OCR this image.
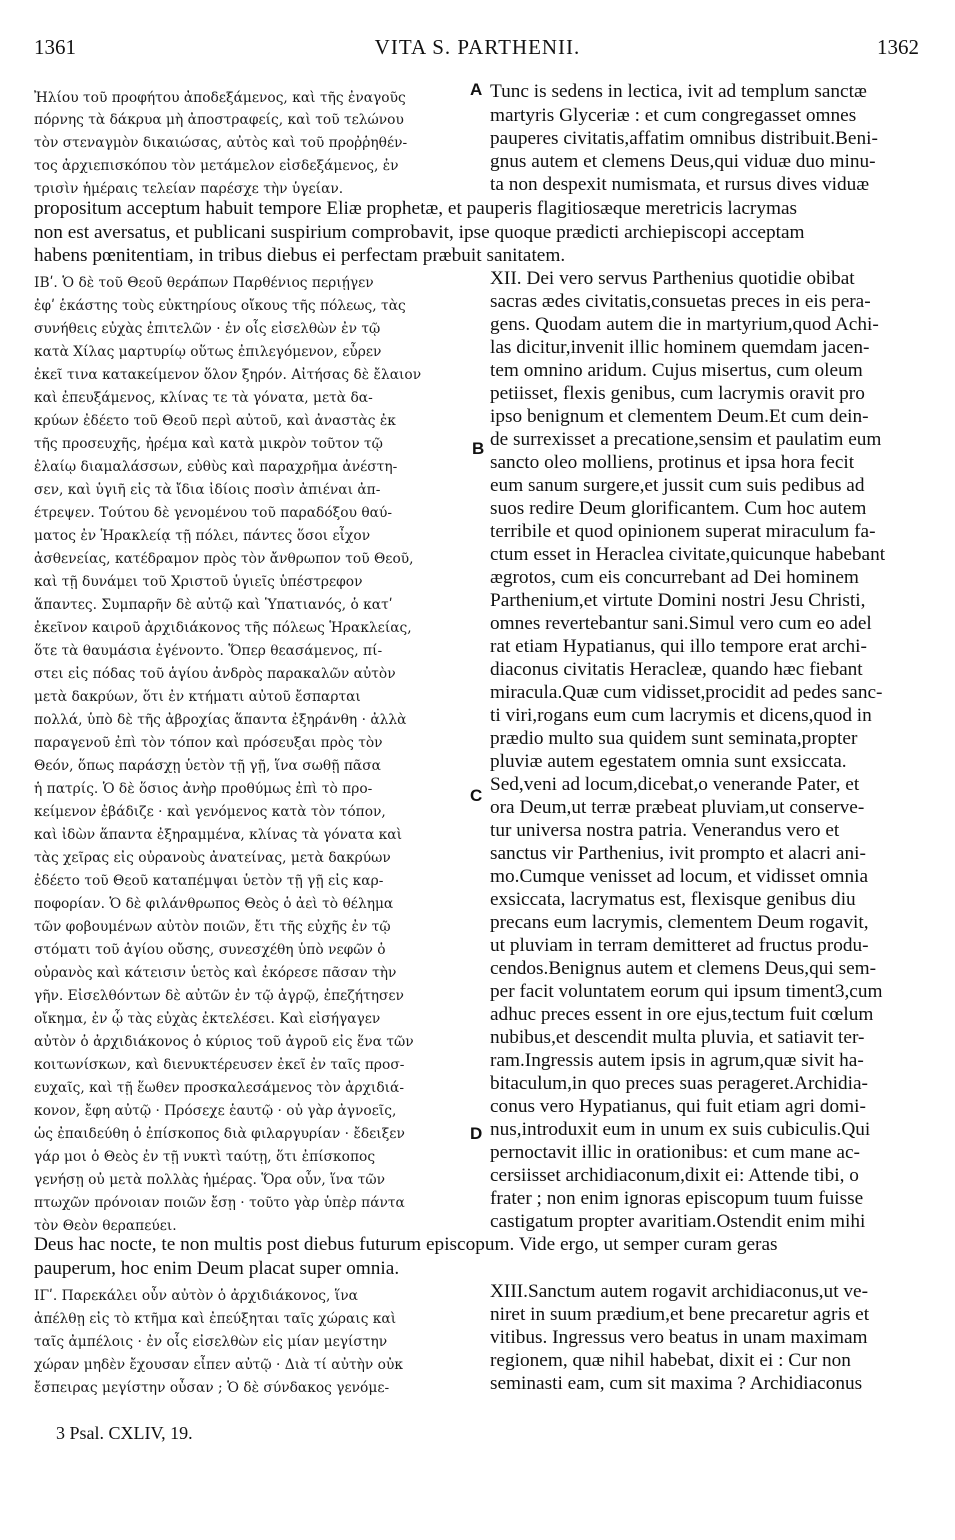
1361	VITA S. PARTHENII.	1362
A
B
C
D
Ἠλίου τοῦ προφήτου ἀποδεξάμενος, καὶ τῆς ἐναγοῦς	Tunc is sedens in lectica, ivit ad templum sanctæ
πόρνης τὰ δάκρυα μὴ ἀποστραφείς, καὶ τοῦ τελώνου	martyris Glyceriæ : et cum congregasset omnes
τὸν στεναγμὸν δικαιώσας, αὐτὸς καὶ τοῦ προῤῥηθέν-	pauperes civitatis,affatim omnibus distribuit.Beni-
τος ἀρχιεπισκόπου τὸν μετάμελον εἰσδεξάμενος, ἐν	gnus autem et clemens Deus,qui viduæ duo minu-
τρισὶν ἡμέραις τελείαν παρέσχε τὴν ὑγείαν.	ta non despexit numismata, et rursus dives viduæ
propositum acceptum habuit tempore Eliæ prophetæ, et pauperis flagitiosæque meretricis lacrymas
non est aversatus, et publicani suspirium comprobavit, ipse quoque prædicti archiepiscopi acceptam
habens pœnitentiam, in tribus diebus ei perfectam præbuit sanitatem.
ΙΒʹ. Ὁ δὲ τοῦ Θεοῦ θεράπων Παρθένιος περιῄγεν	XII. Dei vero servus Parthenius quotidie obibat
ἐφʹ ἑκάστης τοὺς εὐκτηρίους οἴκους τῆς πόλεως, τὰς	sacras ædes civitatis,consuetas preces in eis pera-
συνήθεις εὐχὰς ἐπιτελῶν · ἐν οἷς εἰσελθὼν ἐν τῷ	gens. Quodam autem die in martyrium,quod Achi-
κατὰ Χίλας μαρτυρίῳ οὕτως ἐπιλεγόμενον, εὗρεν	las dicitur,invenit illic hominem quemdam jacen-
ἐκεῖ τινα κατακείμενον ὅλον ξηρόν. Αἰτήσας δὲ ἔλαιον	tem omnino aridum. Cujus misertus, cum oleum
καὶ ἐπευξάμενος, κλίνας τε τὰ γόνατα, μετὰ δα-	petiisset, flexis genibus, cum lacrymis oravit pro
κρύων ἐδέετο τοῦ Θεοῦ περὶ αὐτοῦ, καὶ ἀναστὰς ἐκ	ipso benignum et clementem Deum.Et cum dein-
τῆς προσευχῆς, ἠρέμα καὶ κατὰ μικρὸν τοῦτον τῷ	de surrexisset a precatione,sensim et paulatim eum
ἐλαίῳ διαμαλάσσων, εὐθὺς καὶ παραχρῆμα ἀνέστη-	sancto oleo molliens, protinus et ipsa hora fecit
σεν, καὶ ὑγιῆ εἰς τὰ ἴδια ἰδίοις ποσὶν ἀπιέναι ἀπ-	eum sanum surgere,et jussit cum suis pedibus ad
έτρεψεν. Τούτου δὲ γενομένου τοῦ παραδόξου θαύ-	suos redire Deum glorificantem. Cum hoc autem
ματος ἐν Ἡρακλείᾳ τῇ πόλει, πάντες ὅσοι εἶχον	terribile et quod opinionem superat miraculum fa-
ἀσθενείας, κατέδραμον πρὸς τὸν ἄνθρωπον τοῦ Θεοῦ,	ctum esset in Heraclea civitate,quicunque habebant
καὶ τῇ δυνάμει τοῦ Χριστοῦ ὑγιεῖς ὑπέστρεφον	ægrotos, cum eis concurrebant ad Dei hominem
ἅπαντες. Συμπαρῆν δὲ αὐτῷ καὶ Ὑπατιανός, ὁ κατʹ	Parthenium,et virtute Domini nostri Jesu Christi,
ἐκεῖνον καιροῦ ἀρχιδιάκονος τῆς πόλεως Ἡρακλείας,	omnes revertebantur sani.Simul vero cum eo adel
ὅτε τὰ θαυμάσια ἐγένοντο. Ὅπερ θεασάμενος, πί-	rat etiam Hypatianus, qui illo tempore erat archi-
στει εἰς πόδας τοῦ ἁγίου ἀνδρὸς παρακαλῶν αὐτὸν	diaconus civitatis Heracleæ, quando hæc fiebant
μετὰ δακρύων, ὅτι ἐν κτήματι αὐτοῦ ἔσπαρται	miracula.Quæ cum vidisset,procidit ad pedes sanc-
πολλά, ὑπὸ δὲ τῆς ἀβροχίας ἅπαντα ἐξηράνθη · ἀλλὰ	ti viri,rogans eum cum lacrymis et dicens,quod in
παραγενοῦ ἐπὶ τὸν τόπον καὶ πρόσευξαι πρὸς τὸν	prædio multo sua quidem sunt seminata,propter
Θεόν, ὅπως παράσχῃ ὑετὸν τῇ γῇ, ἵνα σωθῇ πᾶσα	pluviæ autem egestatem omnia sunt exsiccata.
ἡ πατρίς. Ὁ δὲ ὅσιος ἀνὴρ προθύμως ἐπὶ τὸ προ-	Sed,veni ad locum,dicebat,o venerande Pater, et
κείμενον ἐβάδιζε · καὶ γενόμενος κατὰ τὸν τόπον,	ora Deum,ut terræ præbeat pluviam,ut conserve-
καὶ ἰδὼν ἅπαντα ἐξηραμμένα, κλίνας τὰ γόνατα καὶ	tur universa nostra patria. Venerandus vero et
τὰς χεῖρας εἰς οὐρανοὺς ἀνατείνας, μετὰ δακρύων	sanctus vir Parthenius, ivit prompto et alacri ani-
ἐδέετο τοῦ Θεοῦ καταπέμψαι ὑετὸν τῇ γῇ εἰς καρ-	mo.Cumque venisset ad locum, et vidisset omnia
ποφορίαν. Ὁ δὲ φιλάνθρωπος Θεὸς ὁ ἀεὶ τὸ θέλημα	exsiccata, lacrymatus est, flexisque genibus diu
τῶν φοβουμένων αὐτὸν ποιῶν, ἔτι τῆς εὐχῆς ἐν τῷ	precans eum lacrymis, clementem Deum rogavit,
στόματι τοῦ ἁγίου οὔσης, συνεσχέθη ὑπὸ νεφῶν ὁ	ut pluviam in terram demitteret ad fructus produ-
οὐρανὸς καὶ κάτεισιν ὑετὸς καὶ ἐκόρεσε πᾶσαν τὴν	cendos.Benignus autem et clemens Deus,qui sem-
γῆν. Εἰσελθόντων δὲ αὐτῶν ἐν τῷ ἀγρῷ, ἐπεζήτησεν	per facit voluntatem eorum qui ipsum timent3,cum
οἴκημα, ἐν ᾧ τὰς εὐχὰς ἐκτελέσει. Καὶ εἰσήγαγεν	adhuc preces essent in ore ejus,tectum fuit cœlum
αὐτὸν ὁ ἀρχιδιάκονος ὁ κύριος τοῦ ἀγροῦ εἰς ἕνα τῶν	nubibus,et descendit multa pluvia, et satiavit ter-
κοιτωνίσκων, καὶ διενυκτέρευσεν ἐκεῖ ἐν ταῖς προσ-	ram.Ingressis autem ipsis in agrum,quæ sivit ha-
ευχαῖς, καὶ τῇ ἕωθεν προσκαλεσάμενος τὸν ἀρχιδιά-	bitaculum,in quo preces suas perageret.Archidia-
κονον, ἔφη αὐτῷ · Πρόσεχε ἑαυτῷ · οὐ γὰρ ἀγνοεῖς,	conus vero Hypatianus, qui fuit etiam agri domi-
ὡς ἐπαιδεύθη ὁ ἐπίσκοπος διὰ φιλαργυρίαν · ἔδειξεν	nus,introduxit eum in unum ex suis cubiculis.Qui
γάρ μοι ὁ Θεὸς ἐν τῇ νυκτὶ ταύτῃ, ὅτι ἐπίσκοπος	pernoctavit illic in orationibus: et cum mane ac-
γενήσῃ οὐ μετὰ πολλὰς ἡμέρας. Ὅρα οὖν, ἵνα τῶν	cersiisset archidiaconum,dixit ei: Attende tibi, o
πτωχῶν πρόνοιαν ποιῶν ἔσῃ · τοῦτο γὰρ ὑπὲρ πάντα	frater ; non enim ignoras episcopum tuum fuisse
τὸν Θεὸν θεραπεύει.	castigatum propter avaritiam.Ostendit enim mihi
Deus hac nocte, te non multis post diebus futurum episcopum. Vide ergo, ut semper curam geras
pauperum, hoc enim Deum placat super omnia.
ΙΓʹ. Παρεκάλει οὖν αὐτὸν ὁ ἀρχιδιάκονος, ἵνα	XIII.Sanctum autem rogavit archidiaconus,ut ve-
ἀπέλθῃ εἰς τὸ κτῆμα καὶ ἐπεύξηται ταῖς χώραις καὶ	niret in suum prædium,et bene precaretur agris et
ταῖς ἀμπέλοις · ἐν οἷς εἰσελθὼν εἰς μίαν μεγίστην	vitibus. Ingressus vero beatus in unam maximam
χώραν μηδὲν ἔχουσαν εἶπεν αὐτῷ · Διὰ τί αὐτὴν οὐκ	regionem, quæ nihil habebat, dixit ei : Cur non
ἔσπειρας μεγίστην οὖσαν ; Ὁ δὲ σύνδακος γενόμε-	seminasti eam, cum sit maxima ? Archidiaconus
3 Psal. CXLIV, 19.
